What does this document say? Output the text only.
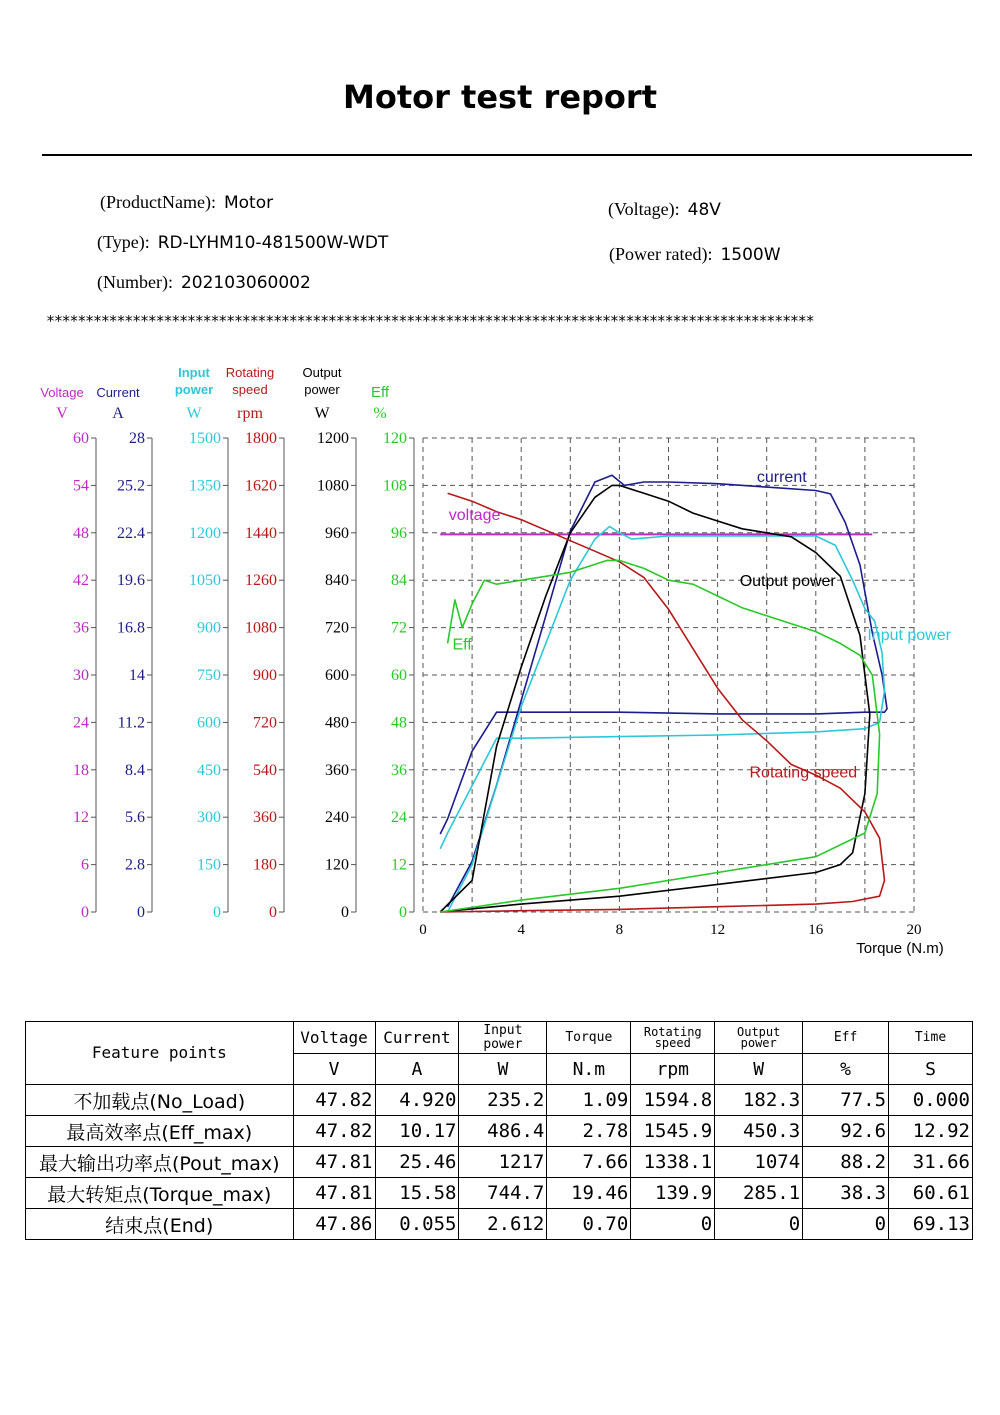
Motor test report
(ProductName): Motor
(Type): RD-LYHM10-481500W-WDT
(Number): 202103060002
(Voltage): 48V
(Power rated): 1500W
**************************************************************************************************
0	4	8	12	16	20
Torque (N.m)
60
54
48
42
36
30
24
18
12
6
0
Voltage
V
28
25.2
22.4
19.6
16.8
14
11.2
8.4
5.6
2.8
0
Current
A
1500
1350
1200
1050
900
750
600
450
300
150
0
Input
power
W
1800
1620
1440
1260
1080
900
720
540
360
180
0
Rotating
speed
rpm
1200
1080
960
840
720
600
480
360
240
120
0
Output
power
W
120
108
96
84
72
60
48
36
24
12
0
Eff
%
current
voltage
Output power
Input power
Eff
Rotating speed
Feature points	Voltage	Current	Input power	Torque	Rotating speed	Output power	Eff	Time
	V	A	W	N.m	rpm	W	%	S
不加载点(No_Load)	47.82	4.920	235.2	1.09	1594.8	182.3	77.5	0.000
最高效率点(Eff_max)	47.82	10.17	486.4	2.78	1545.9	450.3	92.6	12.92
最大输出功率点(Pout_max)	47.81	25.46	1217	7.66	1338.1	1074	88.2	31.66
最大转矩点(Torque_max)	47.81	15.58	744.7	19.46	139.9	285.1	38.3	60.61
结束点(End)	47.86	0.055	2.612	0.70	0	0	0	69.13
